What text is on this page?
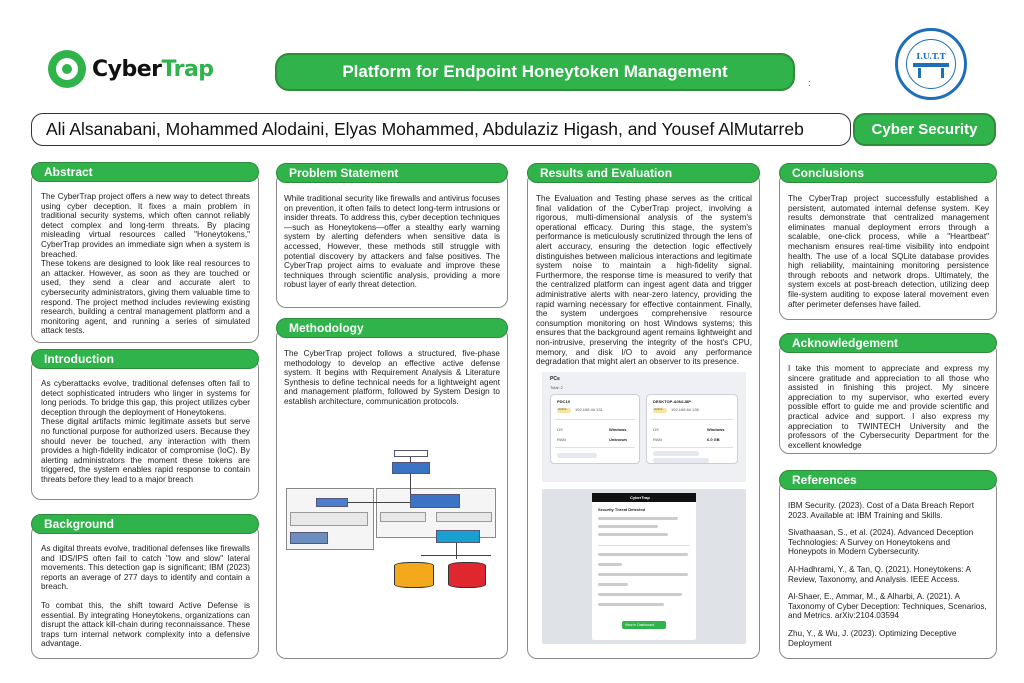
CyberTrap	Platform for Endpoint Honeytoken Management
:
I.U.T.T
Ali Alsanabani, Mohammed Alodaini, Elyas Mohammed, Abdulaziz Higash, and Yousef AlMutarreb	Cyber Security
Abstract

The CyberTrap project offers a new way to detect threats using cyber deception. It fixes a main problem in traditional security systems, which often cannot reliably detect complex and long-term threats. By placing misleading virtual resources called "Honeytokens," CyberTrap provides an immediate sign when a system is breached.

These tokens are designed to look like real resources to an attacker. However, as soon as they are touched or used, they send a clear and accurate alert to cybersecurity administrators, giving them valuable time to respond. The project method includes reviewing existing research, building a central management platform and a monitoring agent, and running a series of simulated attack tests.

Introduction

As cyberattacks evolve, traditional defenses often fail to detect sophisticated intruders who linger in systems for long periods. To bridge this gap, this project utilizes cyber deception through the deployment of Honeytokens.

These digital artifacts mimic legitimate assets but serve no functional purpose for authorized users. Because they should never be touched, any interaction with them provides a high-fidelity indicator of compromise (IoC). By alerting administrators the moment these tokens are triggered, the system enables rapid response to contain threats before they lead to a major breach

Background

As digital threats evolve, traditional defenses like firewalls and IDS/IPS often fail to catch "low and slow" lateral movements. This detection gap is significant; IBM (2023) reports an average of 277 days to identify and contain a breach.

To combat this, the shift toward Active Defense is essential. By integrating Honeytokens, organizations can disrupt the attack kill-chain during reconnaissance. These traps turn internal network complexity into a defensive advantage.

Problem Statement

While traditional security like firewalls and antivirus focuses on prevention, it often fails to detect long-term intrusions or insider threats. To address this, cyber deception techniques—such as Honeytokens—offer a stealthy early warning system by alerting defenders when sensitive data is accessed, However, these methods still struggle with potential discovery by attackers and false positives. The CyberTrap project aims to evaluate and improve these techniques through scientific analysis, providing a more robust layer of early threat detection.

Methodology

The CyberTrap project follows a structured, five-phase methodology to develop an effective active defense system. It begins with Requirement Analysis & Literature Synthesis to define technical needs for a lightweight agent and management platform, followed by System Design to establish architecture, communication protocols.

Results and Evaluation

The Evaluation and Testing phase serves as the critical final validation of the CyberTrap project, involving a rigorous, multi-dimensional analysis of the system's operational efficacy. During this stage, the system's performance is meticulously scrutinized through the lens of alert accuracy, ensuring the detection logic effectively distinguishes between malicious interactions and legitimate system noise to maintain a high-fidelity signal. Furthermore, the response time is measured to verify that the centralized platform can ingest agent data and trigger administrative alerts with near-zero latency, providing the rapid warning necessary for effective containment. Finally, the system undergoes comprehensive resource consumption monitoring on host Windows systems; this ensures that the background agent remains lightweight and non-intrusive, preserving the integrity of the host's CPU, memory, and disk I/O to avoid any performance degradation that might alert an observer to its presence.

PCs
Total: 2
PDC19
Online 192.168.44.131
OS	Windows
RAM	Unknown
DESKTOP-A0N1J8P
Online 192.168.64.136
OS	Windows
RAM	6.0 GB
CyberTrap
Security Threat Detected
View in Dashboard
Conclusions

The CyberTrap project successfully established a persistent, automated internal defense system. Key results demonstrate that centralized management eliminates manual deployment errors through a scalable, one-click process, while a "Heartbeat" mechanism ensures real-time visibility into endpoint health. The use of a local SQLite database provides high reliability, maintaining monitoring persistence through reboots and network drops. Ultimately, the system excels at post-breach detection, utilizing deep file-system auditing to expose lateral movement even after perimeter defenses have failed.

Acknowledgement

I take this moment to appreciate and express my sincere gratitude and appreciation to all those who assisted in finishing this project. My sincere appreciation to my supervisor, who exerted every possible effort to guide me and provide scientific and practical advice and support. I also express my appreciation to TWINTECH University and the professors of the Cybersecurity Department for the excellent knowledge

References

IBM Security. (2023). Cost of a Data Breach Report 2023. Available at: IBM Training and Skills.

Sivathaasan, S., et al. (2024). Advanced Deception Technologies: A Survey on Honeytokens and Honeypots in Modern Cybersecurity.

Al-Hadhrami, Y., & Tan, Q. (2021). Honeytokens: A Review, Taxonomy, and Analysis. IEEE Access.

Al-Shaer, E., Ammar, M., & Alharbi, A. (2021). A Taxonomy of Cyber Deception: Techniques, Scenarios, and Metrics. arXiv:2104.03594

Zhu, Y., & Wu, J. (2023). Optimizing Deceptive Deployment
